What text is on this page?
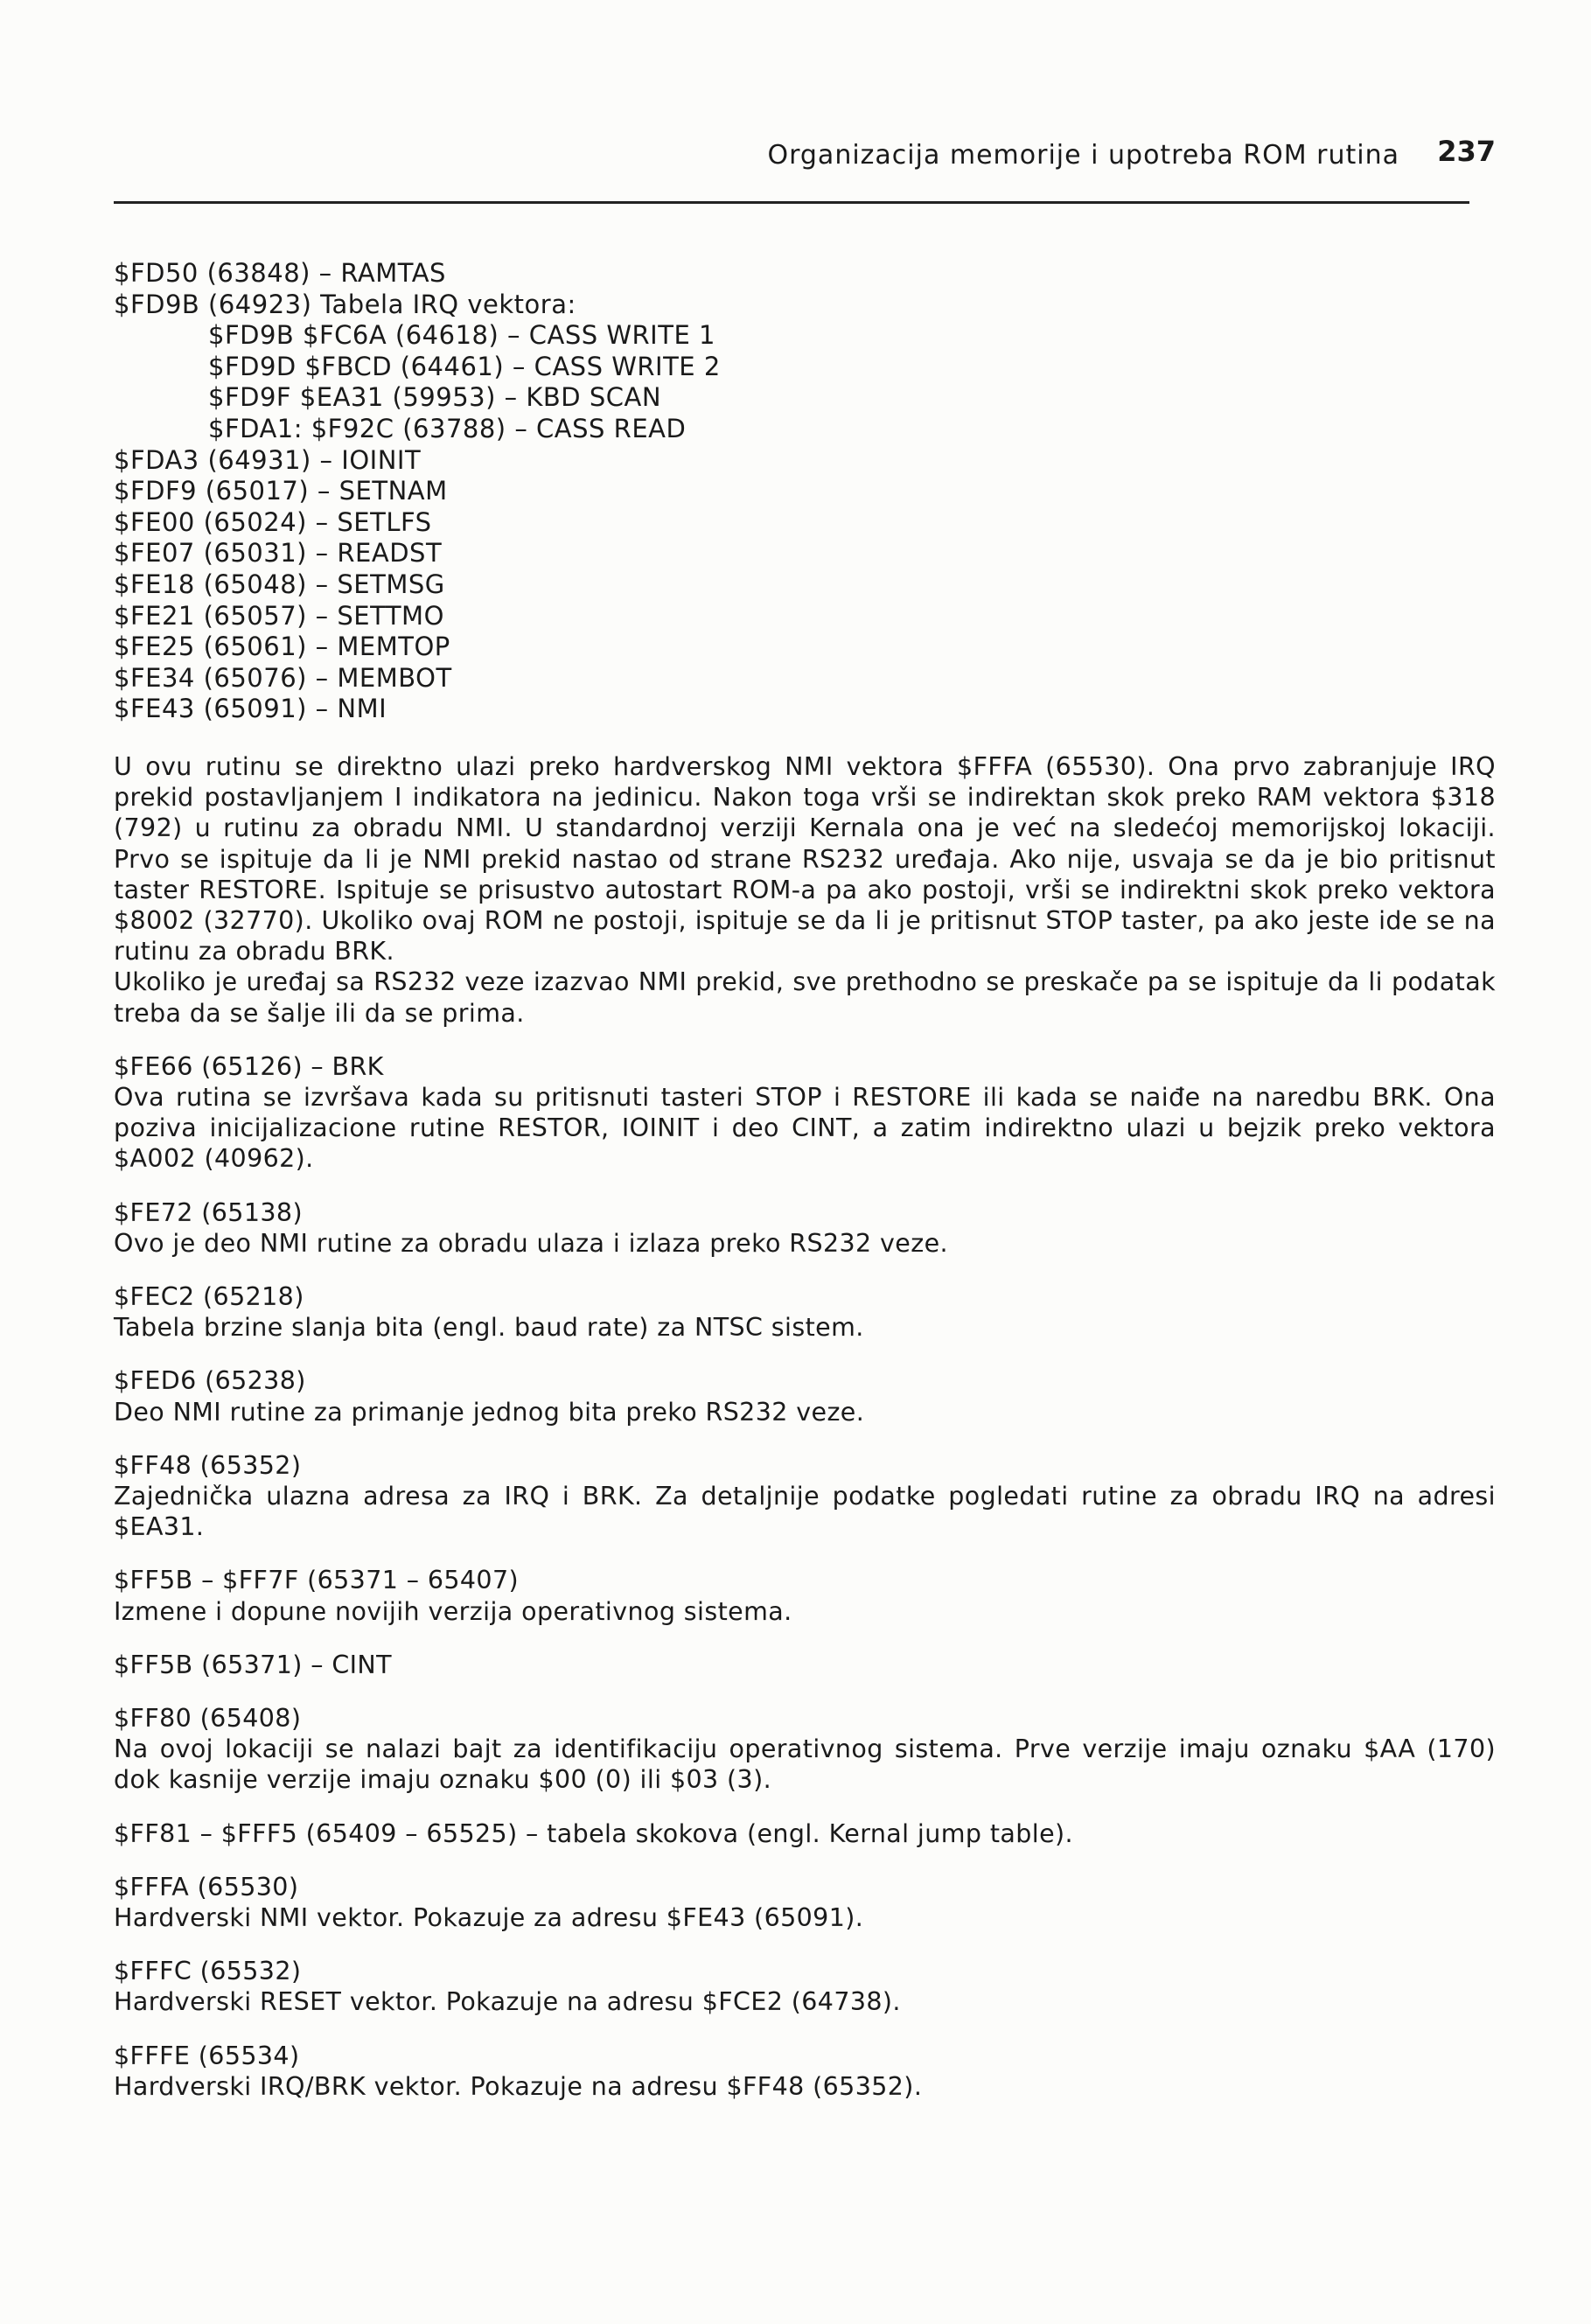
Organizacija memorije i upotreba ROM rutina 237
$FD50 (63848) – RAMTAS
$FD9B (64923) Tabela IRQ vektora:
$FD9B $FC6A (64618) – CASS WRITE 1
$FD9D $FBCD (64461) – CASS WRITE 2
$FD9F $EA31 (59953) – KBD SCAN
$FDA1: $F92C (63788) – CASS READ
$FDA3 (64931) – IOINIT
$FDF9 (65017) – SETNAM
$FE00 (65024) – SETLFS
$FE07 (65031) – READST
$FE18 (65048) – SETMSG
$FE21 (65057) – SETTMO
$FE25 (65061) – MEMTOP
$FE34 (65076) – MEMBOT
$FE43 (65091) – NMI
U ovu rutinu se direktno ulazi preko hardverskog NMI vektora $FFFA (65530). Ona prvo zabranjuje IRQ prekid postavljanjem I indikatora na jedinicu. Nakon toga vrši se indirektan skok preko RAM vektora $318 (792) u rutinu za obradu NMI. U standardnoj verziji Kernala ona je već na sledećoj memorijskoj lokaciji. Prvo se ispituje da li je NMI prekid nastao od strane RS232 uređaja. Ako nije, usvaja se da je bio pritisnut taster RESTORE. Ispituje se prisustvo autostart ROM-a pa ako postoji, vrši se indirektni skok preko vektora $8002 (32770). Ukoliko ovaj ROM ne postoji, ispituje se da li je pritisnut STOP taster, pa ako jeste ide se na rutinu za obradu BRK.
Ukoliko je uređaj sa RS232 veze izazvao NMI prekid, sve prethodno se preskače pa se ispituje da li podatak treba da se šalje ili da se prima.
$FE66 (65126) – BRK
Ova rutina se izvršava kada su pritisnuti tasteri STOP i RESTORE ili kada se naiđe na naredbu BRK. Ona poziva inicijalizacione rutine RESTOR, IOINIT i deo CINT, a zatim indirektno ulazi u bejzik preko vektora $A002 (40962).
$FE72 (65138)
Ovo je deo NMI rutine za obradu ulaza i izlaza preko RS232 veze.
$FEC2 (65218)
Tabela brzine slanja bita (engl. baud rate) za NTSC sistem.
$FED6 (65238)
Deo NMI rutine za primanje jednog bita preko RS232 veze.
$FF48 (65352)
Zajednička ulazna adresa za IRQ i BRK. Za detaljnije podatke pogledati rutine za obradu IRQ na adresi $EA31.
$FF5B – $FF7F (65371 – 65407)
Izmene i dopune novijih verzija operativnog sistema.
$FF5B (65371) – CINT
$FF80 (65408)
Na ovoj lokaciji se nalazi bajt za identifikaciju operativnog sistema. Prve verzije imaju oznaku $AA (170) dok kasnije verzije imaju oznaku $00 (0) ili $03 (3).
$FF81 – $FFF5 (65409 – 65525) – tabela skokova (engl. Kernal jump table).
$FFFA (65530)
Hardverski NMI vektor. Pokazuje za adresu $FE43 (65091).
$FFFC (65532)
Hardverski RESET vektor. Pokazuje na adresu $FCE2 (64738).
$FFFE (65534)
Hardverski IRQ/BRK vektor. Pokazuje na adresu $FF48 (65352).
